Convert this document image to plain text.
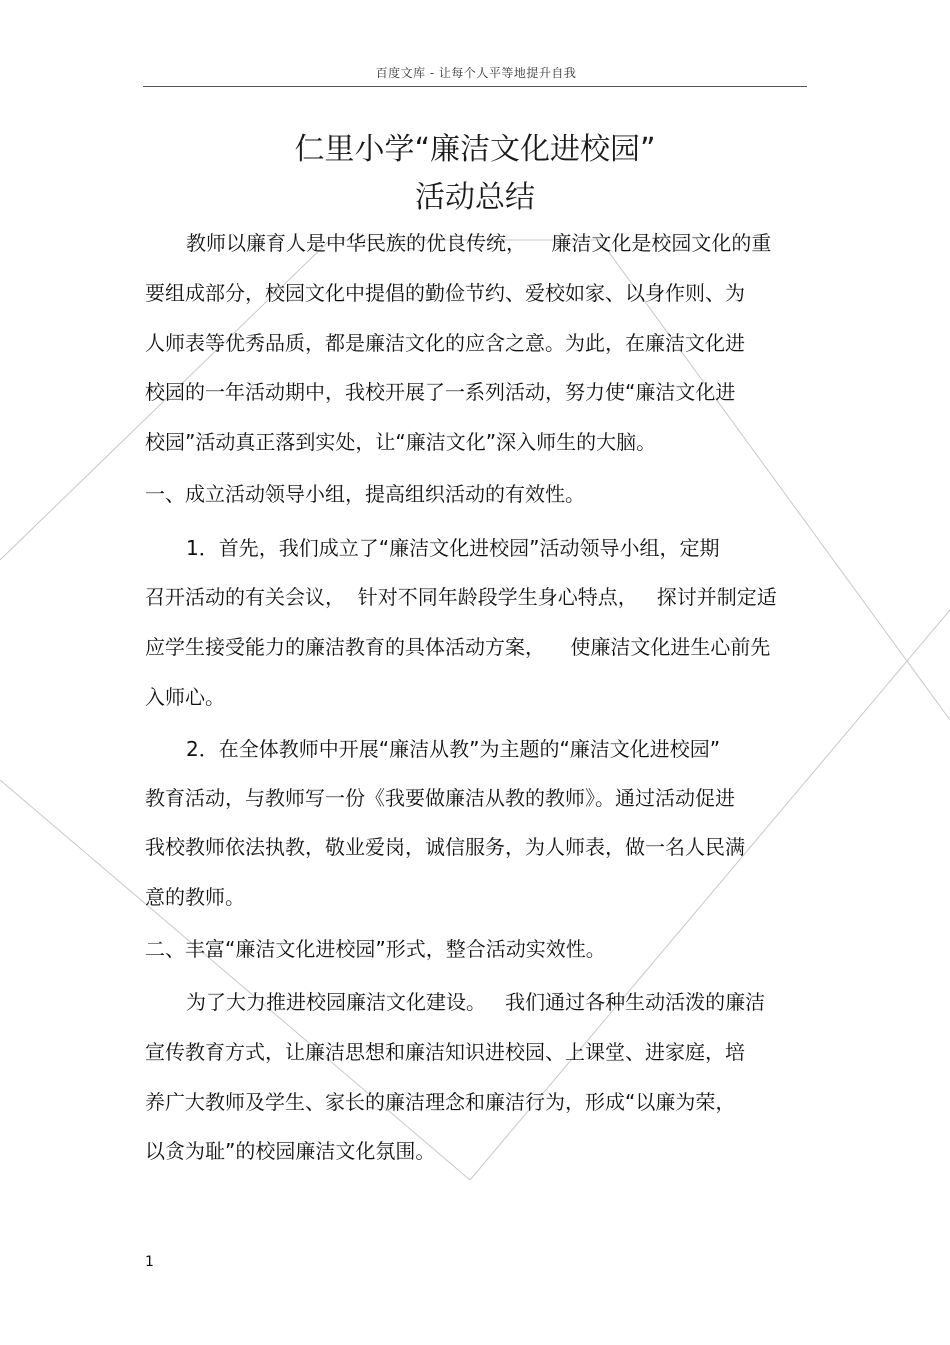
百度文库 - 让每个人平等地提升自我
仁里小学“廉洁文化进校园”
活动总结
教师以廉育人是中华民族的优良传统，    廉洁文化是校园文化的重
要组成部分，校园文化中提倡的勤俭节约、爱校如家、以身作则、为
人师表等优秀品质，都是廉洁文化的应含之意。为此，在廉洁文化进
校园的一年活动期中，我校开展了一系列活动，努力使“廉洁文化进
校园”活动真正落到实处，让“廉洁文化”深入师生的大脑。
一、成立活动领导小组，提高组织活动的有效性。
1．首先，我们成立了“廉洁文化进校园”活动领导小组，定期
召开活动的有关会议，  针对不同年龄段学生身心特点，   探讨并制定适
应学生接受能力的廉洁教育的具体活动方案，    使廉洁文化进生心前先
入师心。
2．在全体教师中开展“廉洁从教”为主题的“廉洁文化进校园”
教育活动，与教师写一份《我要做廉洁从教的教师》。通过活动促进
我校教师依法执教，敬业爱岗，诚信服务，为人师表，做一名人民满
意的教师。
二、丰富“廉洁文化进校园”形式，整合活动实效性。
为了大力推进校园廉洁文化建设。   我们通过各种生动活泼的廉洁
宣传教育方式，让廉洁思想和廉洁知识进校园、上课堂、进家庭，培
养广大教师及学生、家长的廉洁理念和廉洁行为，形成“以廉为荣，
以贪为耻”的校园廉洁文化氛围。
1
